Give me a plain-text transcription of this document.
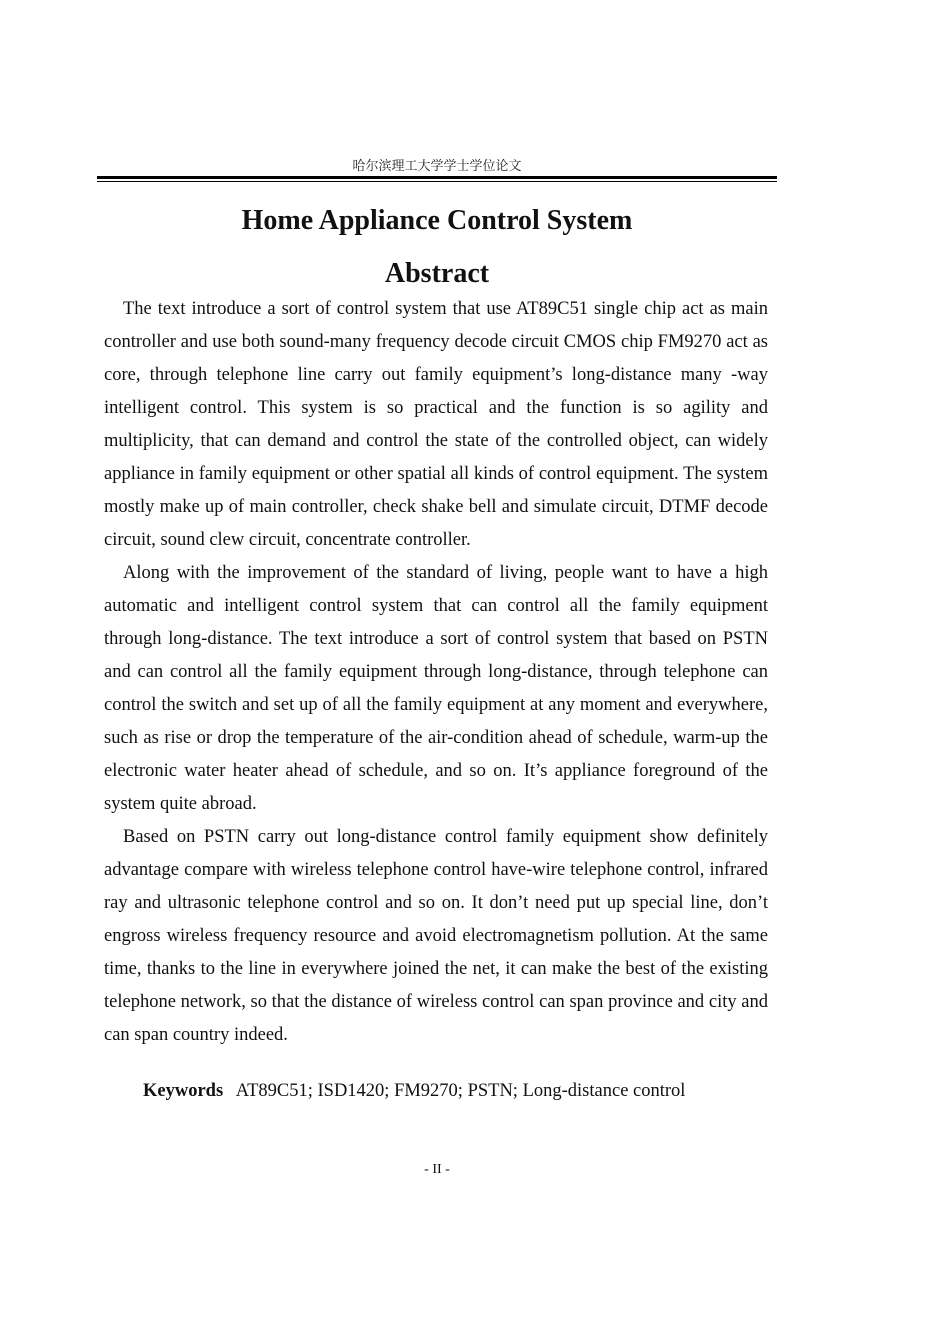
哈尔滨理工大学学士学位论文
Home Appliance Control System
Abstract

The text introduce a sort of control system that use AT89C51 single chip act as main controller and use both sound-many frequency decode circuit CMOS chip FM9270 act as core, through telephone line carry out family equipment’s long-distance many -way intelligent control. This system is so practical and the function is so agility and multiplicity, that can demand and control the state of the controlled object, can widely appliance in family equipment or other spatial all kinds of control equipment. The system mostly make up of main controller, check shake bell and simulate circuit, DTMF decode circuit, sound clew circuit, concentrate controller.

Along with the improvement of the standard of living, people want to have a high automatic and intelligent control system that can control all the family equipment through long-distance. The text introduce a sort of control system that based on PSTN and can control all the family equipment through long-distance, through telephone can control the switch and set up of all the family equipment at any moment and everywhere, such as rise or drop the temperature of the air-condition ahead of schedule, warm-up the electronic water heater ahead of schedule, and so on. It’s appliance foreground of the system quite abroad.

Based on PSTN carry out long-distance control family equipment show definitely advantage compare with wireless telephone control have-wire telephone control, infrared ray and ultrasonic telephone control and so on. It don’t need put up special line, don’t engross wireless frequency resource and avoid electromagnetism pollution. At the same time, thanks to the line in everywhere joined the net, it can make the best of the existing telephone network, so that the distance of wireless control can span province and city and can span country indeed.

Keywords AT89C51; ISD1420; FM9270; PSTN; Long-distance control
- II -
